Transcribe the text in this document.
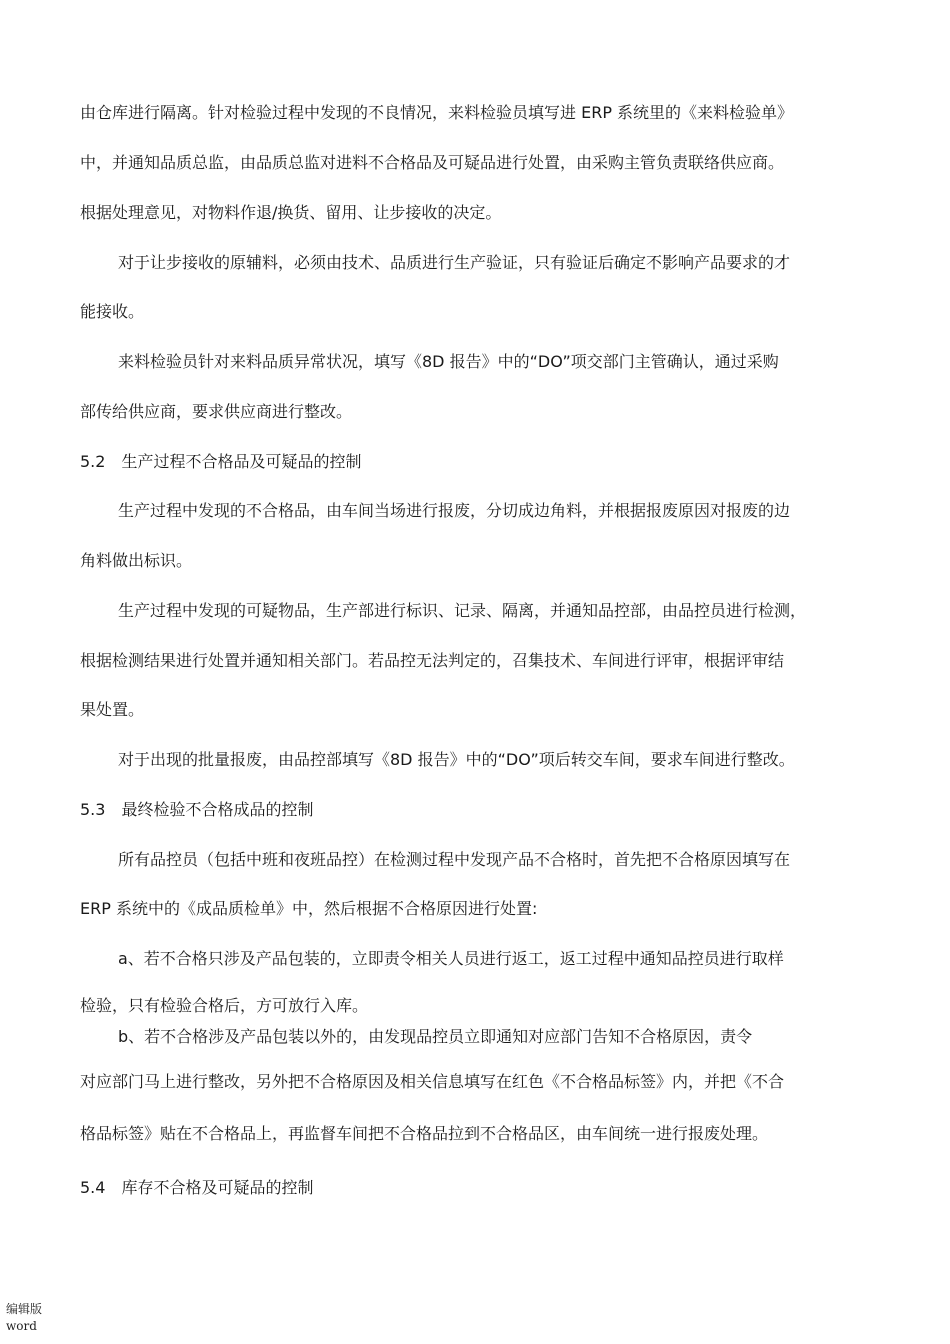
由仓库进行隔离。针对检验过程中发现的不良情况，来料检验员填写进 ERP 系统里的《来料检验单》
中，并通知品质总监，由品质总监对进料不合格品及可疑品进行处置，由采购主管负责联络供应商。
根据处理意见，对物料作退/换货、留用、让步接收的决定。
对于让步接收的原辅料，必须由技术、品质进行生产验证，只有验证后确定不影响产品要求的才
能接收。
来料检验员针对来料品质异常状况，填写《8D 报告》中的“DO”项交部门主管确认，通过采购
部传给供应商，要求供应商进行整改。
5.2　生产过程不合格品及可疑品的控制
生产过程中发现的不合格品，由车间当场进行报废，分切成边角料，并根据报废原因对报废的边
角料做出标识。
生产过程中发现的可疑物品，生产部进行标识、记录、隔离，并通知品控部，由品控员进行检测，
根据检测结果进行处置并通知相关部门。若品控无法判定的，召集技术、车间进行评审，根据评审结
果处置。
对于出现的批量报废，由品控部填写《8D 报告》中的“DO”项后转交车间，要求车间进行整改。
5.3　最终检验不合格成品的控制
所有品控员（包括中班和夜班品控）在检测过程中发现产品不合格时，首先把不合格原因填写在
ERP 系统中的《成品质检单》中，然后根据不合格原因进行处置:
a、若不合格只涉及产品包装的，立即责令相关人员进行返工，返工过程中通知品控员进行取样
检验，只有检验合格后，方可放行入库。
b、若不合格涉及产品包装以外的，由发现品控员立即通知对应部门告知不合格原因，责令
对应部门马上进行整改，另外把不合格原因及相关信息填写在红色《不合格品标签》内，并把《不合
格品标签》贴在不合格品上，再监督车间把不合格品拉到不合格品区，由车间统一进行报废处理。
5.4　库存不合格及可疑品的控制
编辑版
word
